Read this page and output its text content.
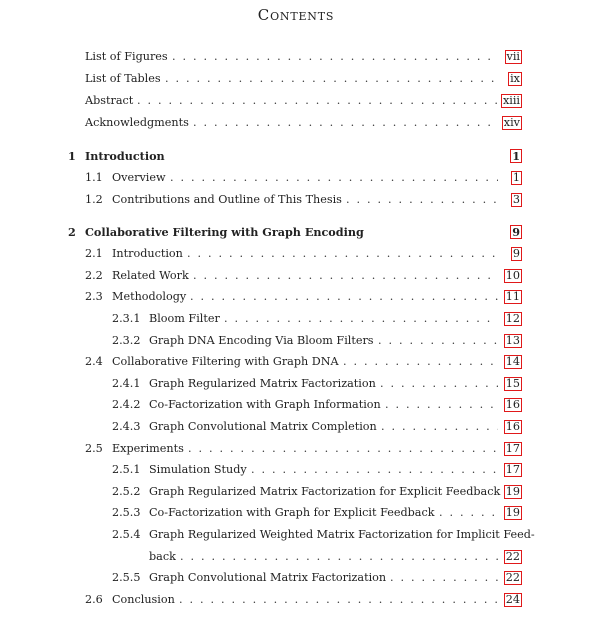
Contents
List of Figures . . .	vii
List of Tables . . .	ix
Abstract . . .	xiii
Acknowledgments . . .	xiv
1 Introduction	1
1.1 Overview . . .	1
1.2 Contributions and Outline of This Thesis . . .	3
2 Collaborative Filtering with Graph Encoding	9
2.1 Introduction . . .	9
2.2 Related Work . . .	10
2.3 Methodology . . .	11
2.3.1 Bloom Filter . . .	12
2.3.2 Graph DNA Encoding Via Bloom Filters . . .	13
2.4 Collaborative Filtering with Graph DNA . . .	14
2.4.1 Graph Regularized Matrix Factorization . . .	15
2.4.2 Co-Factorization with Graph Information . . .	16
2.4.3 Graph Convolutional Matrix Completion . . .	16
2.5 Experiments . . .	17
2.5.1 Simulation Study . . .	17
2.5.2 Graph Regularized Matrix Factorization for Explicit Feedback 19
2.5.3 Co-Factorization with Graph for Explicit Feedback . . .	19
2.5.4 Graph Regularized Weighted Matrix Factorization for Implicit Feed-
back . . .	22
2.5.5 Graph Convolutional Matrix Factorization . . .	22
2.6 Conclusion . . .	24
